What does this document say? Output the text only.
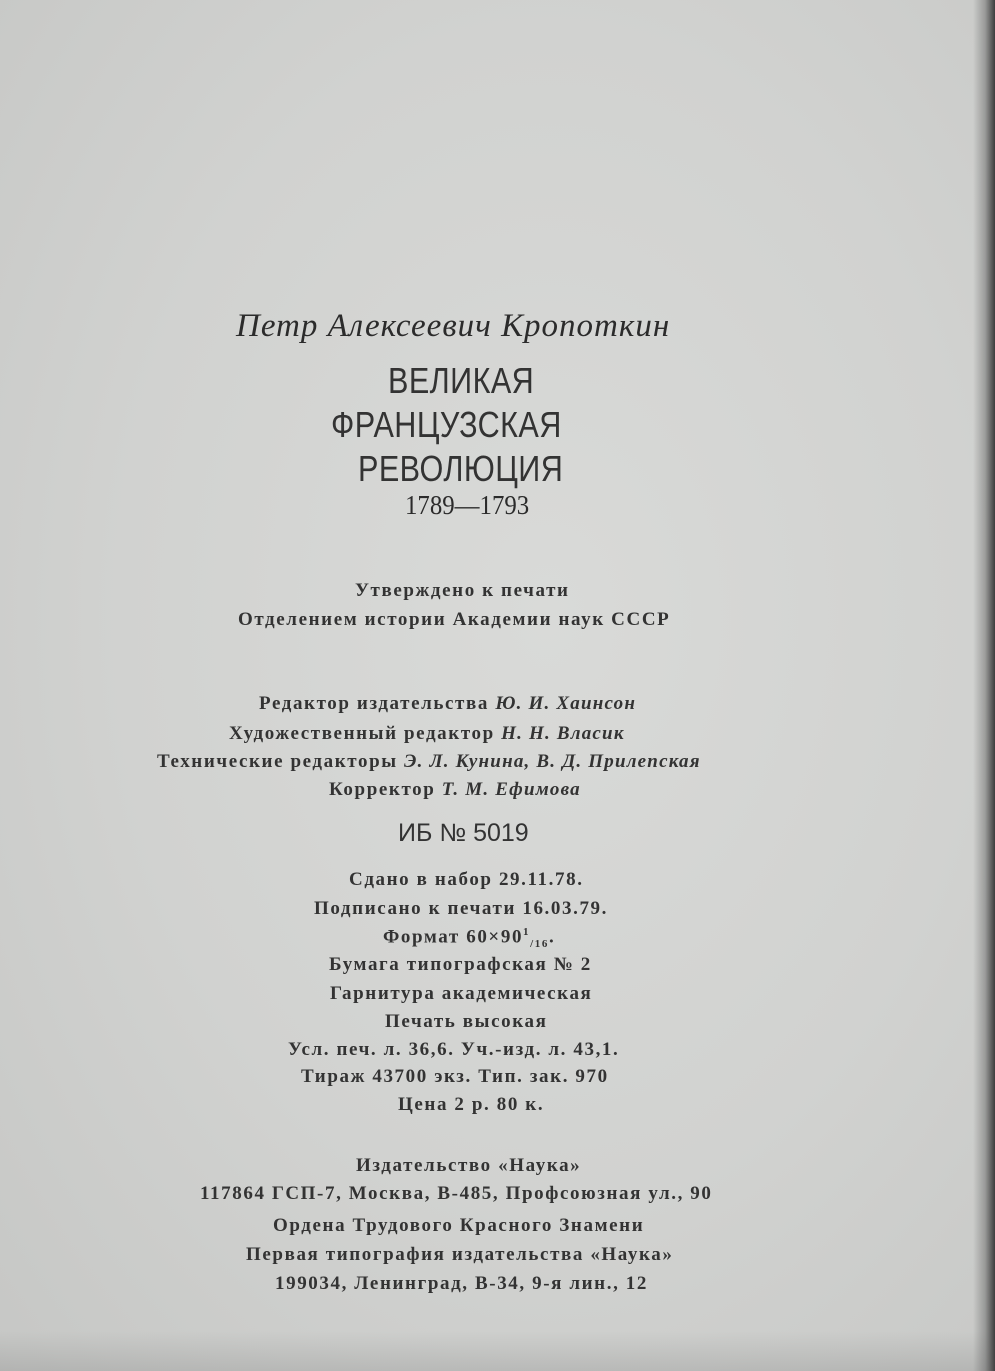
Петр Алексеевич Кропоткин
ВЕЛИКАЯ
ФРАНЦУЗСКАЯ
РЕВОЛЮЦИЯ
1789—1793
Утверждено к печати
Отделением истории Академии наук СССР
Редактор издательства Ю. И. Хаинсон
Художественный редактор Н. Н. Власик
Технические редакторы Э. Л. Кунина, В. Д. Прилепская
Корректор Т. М. Ефимова
ИБ № 5019
Сдано в набор 29.11.78.
Подписано к печати 16.03.79.
Формат $60\times 90^1_{/16}$.
Бумага типографская № 2
Гарнитура академическая
Печать высокая
Усл. печ. л. 36,6. Уч.-изд. л. 43,1.
Тираж 43700 экз. Тип. зак. 970
Цена 2 р. 80 к.
Издательство «Наука»
117864 ГСП-7, Москва, В-485, Профсоюзная ул., 90
Ордена Трудового Красного Знамени
Первая типография издательства «Наука»
199034, Ленинград, В-34, 9-я лин., 12
